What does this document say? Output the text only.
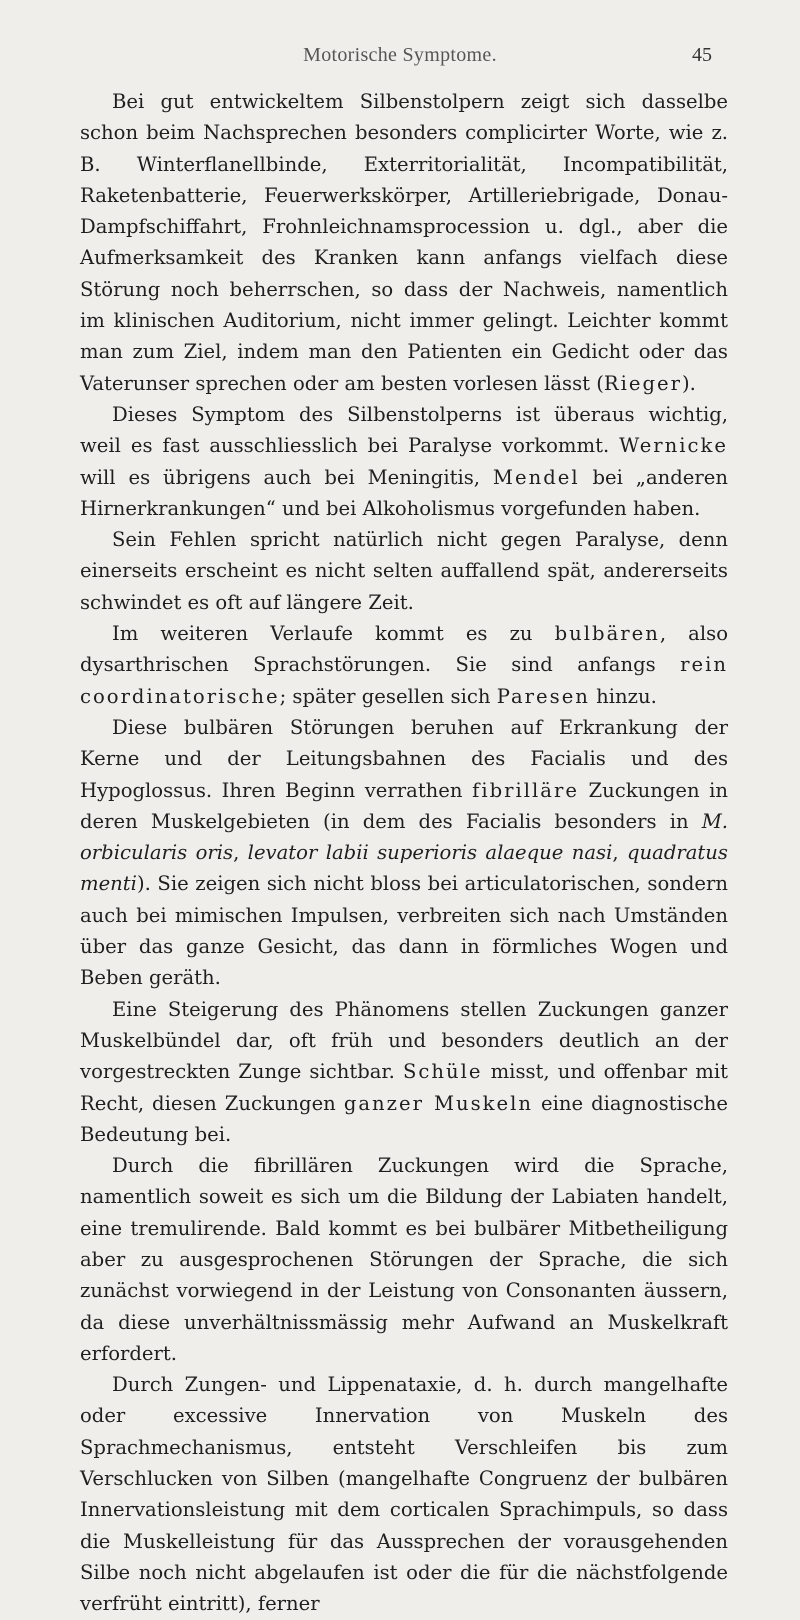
Motorische Symptome.	45

Bei gut entwickeltem Silbenstolpern zeigt sich dasselbe schon beim Nachsprechen besonders complicirter Worte, wie z. B. Winterflanellbinde, Exterritorialität, Incompatibilität, Raketenbatterie, Feuerwerkskörper, Artilleriebrigade, Donau-Dampfschiffahrt, Frohnleichnamsprocession u. dgl., aber die Aufmerksamkeit des Kranken kann anfangs vielfach diese Störung noch beherrschen, so dass der Nachweis, namentlich im klinischen Auditorium, nicht immer gelingt. Leichter kommt man zum Ziel, indem man den Patienten ein Gedicht oder das Vaterunser sprechen oder am besten vorlesen lässt (Rieger).

Dieses Symptom des Silbenstolperns ist überaus wichtig, weil es fast ausschliesslich bei Paralyse vorkommt. Wernicke will es übrigens auch bei Meningitis, Mendel bei „anderen Hirnerkrankungen“ und bei Alkoholismus vorgefunden haben.

Sein Fehlen spricht natürlich nicht gegen Paralyse, denn einerseits erscheint es nicht selten auffallend spät, andererseits schwindet es oft auf längere Zeit.

Im weiteren Verlaufe kommt es zu bulbären, also dysarthrischen Sprachstörungen. Sie sind anfangs rein coordinatorische; später gesellen sich Paresen hinzu.

Diese bulbären Störungen beruhen auf Erkrankung der Kerne und der Leitungsbahnen des Facialis und des Hypoglossus. Ihren Beginn verrathen fibrilläre Zuckungen in deren Muskelgebieten (in dem des Facialis besonders in M. orbicularis oris, levator labii superioris alaeque nasi, quadratus menti). Sie zeigen sich nicht bloss bei articulatorischen, sondern auch bei mimischen Impulsen, verbreiten sich nach Umständen über das ganze Gesicht, das dann in förmliches Wogen und Beben geräth.

Eine Steigerung des Phänomens stellen Zuckungen ganzer Muskelbündel dar, oft früh und besonders deutlich an der vorgestreckten Zunge sichtbar. Schüle misst, und offenbar mit Recht, diesen Zuckungen ganzer Muskeln eine diagnostische Bedeutung bei.

Durch die fibrillären Zuckungen wird die Sprache, namentlich soweit es sich um die Bildung der Labiaten handelt, eine tremulirende. Bald kommt es bei bulbärer Mitbetheiligung aber zu ausgesprochenen Störungen der Sprache, die sich zunächst vorwiegend in der Leistung von Consonanten äussern, da diese unverhältnissmässig mehr Aufwand an Muskelkraft erfordert.

Durch Zungen- und Lippenataxie, d. h. durch mangelhafte oder excessive Innervation von Muskeln des Sprachmechanismus, entsteht Verschleifen bis zum Verschlucken von Silben (mangelhafte Congruenz der bulbären Innervationsleistung mit dem corticalen Sprachimpuls, so dass die Muskelleistung für das Aussprechen der vorausgehenden Silbe noch nicht abgelaufen ist oder die für die nächstfolgende verfrüht eintritt), ferner
